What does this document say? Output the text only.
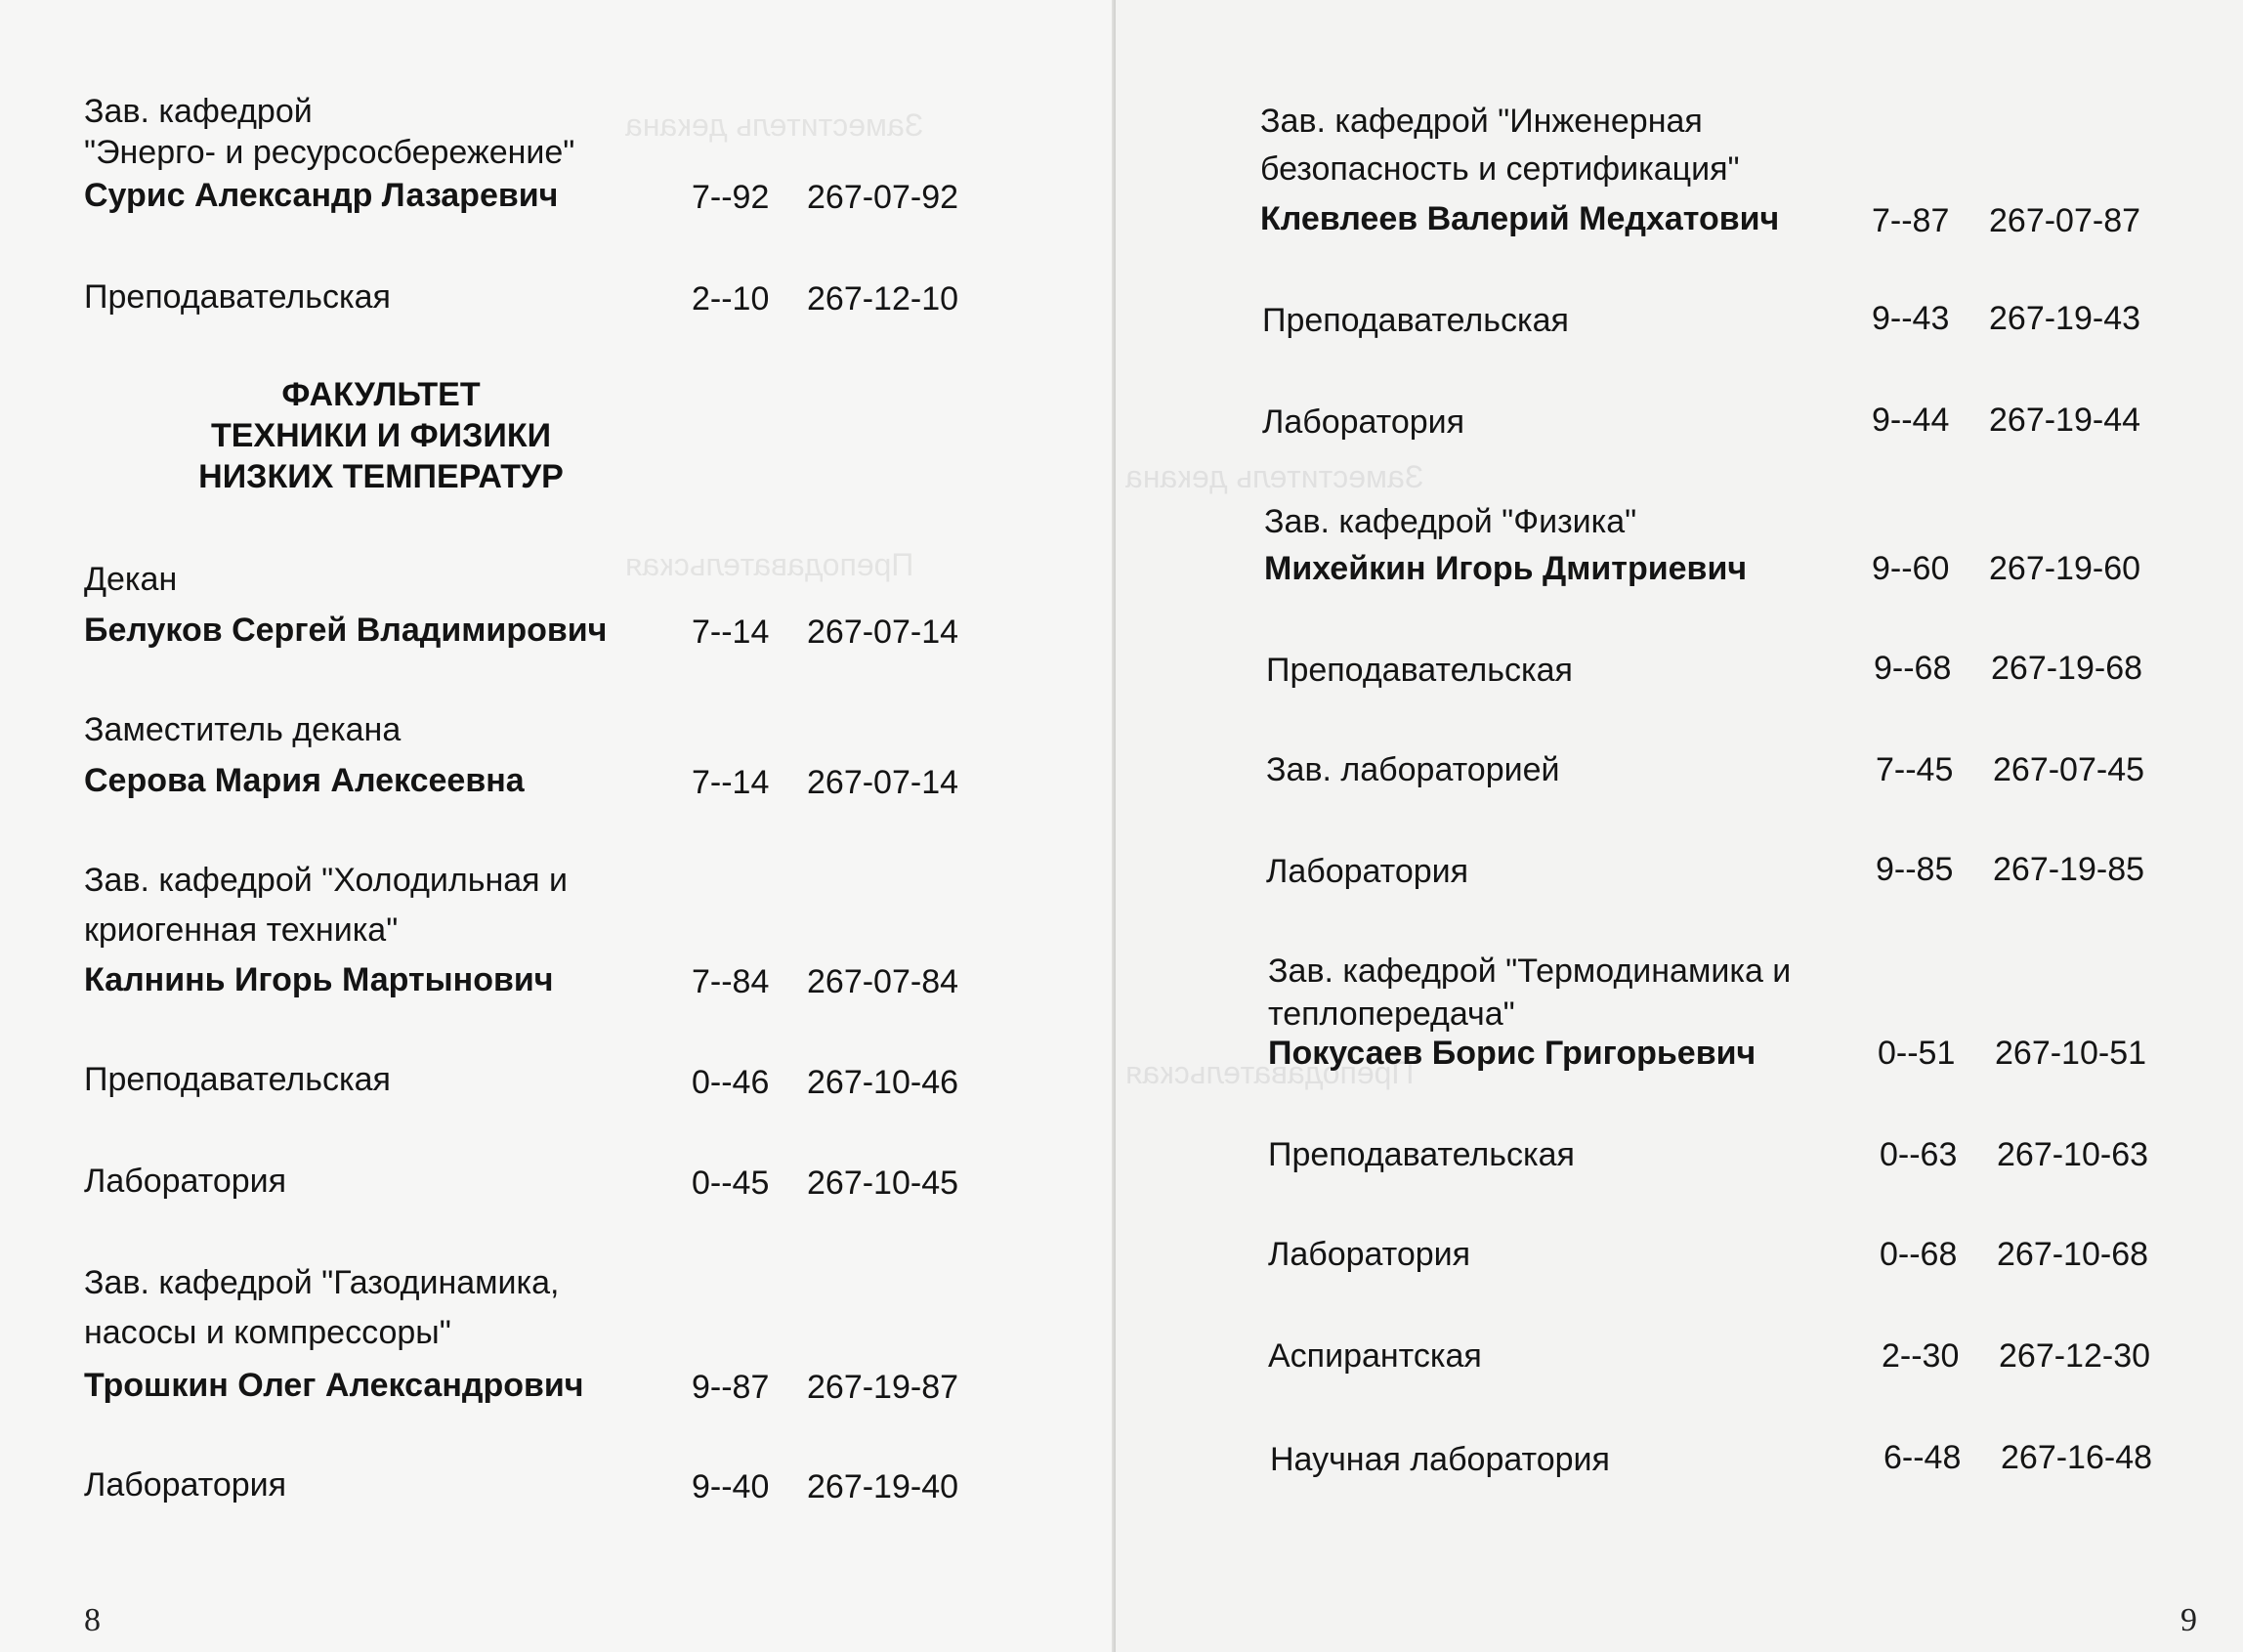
Заместитель декана
Преподавательская
Зав. кафедрой
"Энерго- и ресурсосбережение"
Сурис Александр Лазаревич	7--92 267-07-92
Преподавательская	2--10 267-12-10
ФАКУЛЬТЕТ
ТЕХНИКИ И ФИЗИКИ
НИЗКИХ ТЕМПЕРАТУР
Декан
Белуков Сергей Владимирович	7--14 267-07-14
Заместитель декана
Серова Мария Алексеевна	7--14 267-07-14
Зав. кафедрой "Холодильная и
криогенная техника"
Калнинь Игорь Мартынович	7--84 267-07-84
Преподавательская	0--46 267-10-46
Лаборатория	0--45 267-10-45
Зав. кафедрой "Газодинамика,
насосы и компрессоры"
Трошкин Олег Александрович	9--87 267-19-87
Лаборатория	9--40 267-19-40
8
Заместитель декана
Преподавательская
Зав. кафедрой "Инженерная
безопасность и сертификация"
Клевлеев Валерий Медхатович	7--87 267-07-87
Преподавательская	9--43 267-19-43
Лаборатория	9--44 267-19-44
Зав. кафедрой "Физика"
Михейкин Игорь Дмитриевич	9--60 267-19-60
Преподавательская	9--68 267-19-68
Зав. лабораторией	7--45 267-07-45
Лаборатория	9--85 267-19-85
Зав. кафедрой "Термодинамика и
теплопередача"
Покусаев Борис Григорьевич	0--51 267-10-51
Преподавательская	0--63 267-10-63
Лаборатория	0--68 267-10-68
Аспирантская	2--30 267-12-30
Научная лаборатория	6--48 267-16-48
9
